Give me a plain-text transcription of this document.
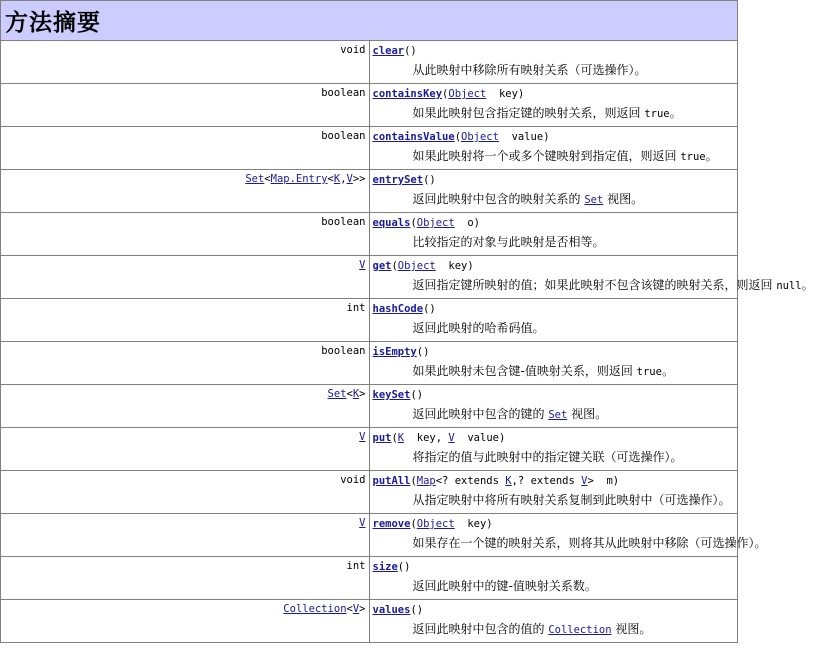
方法摘要	
void	clear()
从此映射中移除所有映射关系（可选操作）。

boolean	containsKey(Object  key)
如果此映射包含指定键的映射关系，则返回 true。

boolean	containsValue(Object  value)
如果此映射将一个或多个键映射到指定值，则返回 true。

Set<Map.Entry<K,V>>	entrySet()
返回此映射中包含的映射关系的 Set 视图。

boolean	equals(Object  o)
比较指定的对象与此映射是否相等。

V	get(Object  key)
返回指定键所映射的值；如果此映射不包含该键的映射关系，则返回 null。

int	hashCode()
返回此映射的哈希码值。

boolean	isEmpty()
如果此映射未包含键-值映射关系，则返回 true。

Set<K>	keySet()
返回此映射中包含的键的 Set 视图。

V	put(K  key, V  value)
将指定的值与此映射中的指定键关联（可选操作）。

void	putAll(Map<? extends K,? extends V>  m)
从指定映射中将所有映射关系复制到此映射中（可选操作）。

V	remove(Object  key)
如果存在一个键的映射关系，则将其从此映射中移除（可选操作）。

int	size()
返回此映射中的键-值映射关系数。

Collection<V>	values()
返回此映射中包含的值的 Collection 视图。
